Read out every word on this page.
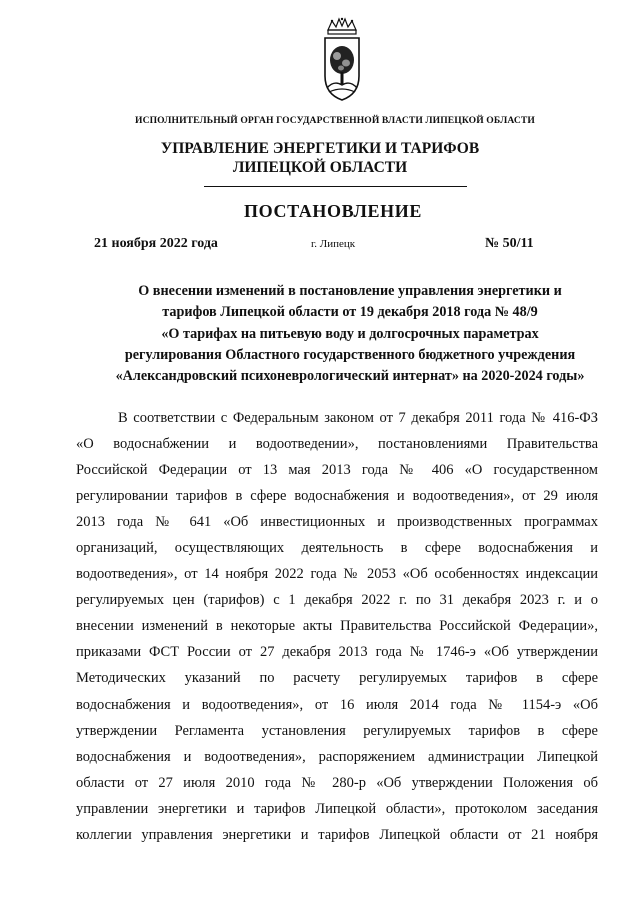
ИСПОЛНИТЕЛЬНЫЙ ОРГАН ГОСУДАРСТВЕННОЙ ВЛАСТИ ЛИПЕЦКОЙ ОБЛАСТИ
УПРАВЛЕНИЕ ЭНЕРГЕТИКИ И ТАРИФОВ
ЛИПЕЦКОЙ ОБЛАСТИ
ПОСТАНОВЛЕНИЕ
21 ноября 2022 года	г. Липецк	№ 50/11
О внесении изменений в постановление управления энергетики и
тарифов Липецкой области от 19 декабря 2018 года № 48/9
«О тарифах на питьевую воду и долгосрочных параметрах
регулирования Областного государственного бюджетного учреждения
«Александровский психоневрологический интернат» на 2020-2024 годы»
В соответствии с Федеральным законом от 7 декабря 2011 года № 416-ФЗ
«О водоснабжении и водоотведении», постановлениями Правительства
Российской Федерации от 13 мая 2013 года № 406 «О государственном
регулировании тарифов в сфере водоснабжения и водоотведения», от 29 июля
2013 года № 641 «Об инвестиционных и производственных программах
организаций, осуществляющих деятельность в сфере водоснабжения и
водоотведения», от 14 ноября 2022 года № 2053 «Об особенностях индексации
регулируемых цен (тарифов) с 1 декабря 2022 г. по 31 декабря 2023 г. и о
внесении изменений в некоторые акты Правительства Российской Федерации»,
приказами ФСТ России от 27 декабря 2013 года № 1746-э «Об утверждении
Методических указаний по расчету регулируемых тарифов в сфере
водоснабжения и водоотведения», от 16 июля 2014 года № 1154-э «Об
утверждении Регламента установления регулируемых тарифов в сфере
водоснабжения и водоотведения», распоряжением администрации Липецкой
области от 27 июля 2010 года № 280-р «Об утверждении Положения об
управлении энергетики и тарифов Липецкой области», протоколом заседания
коллегии управления энергетики и тарифов Липецкой области от 21 ноября
